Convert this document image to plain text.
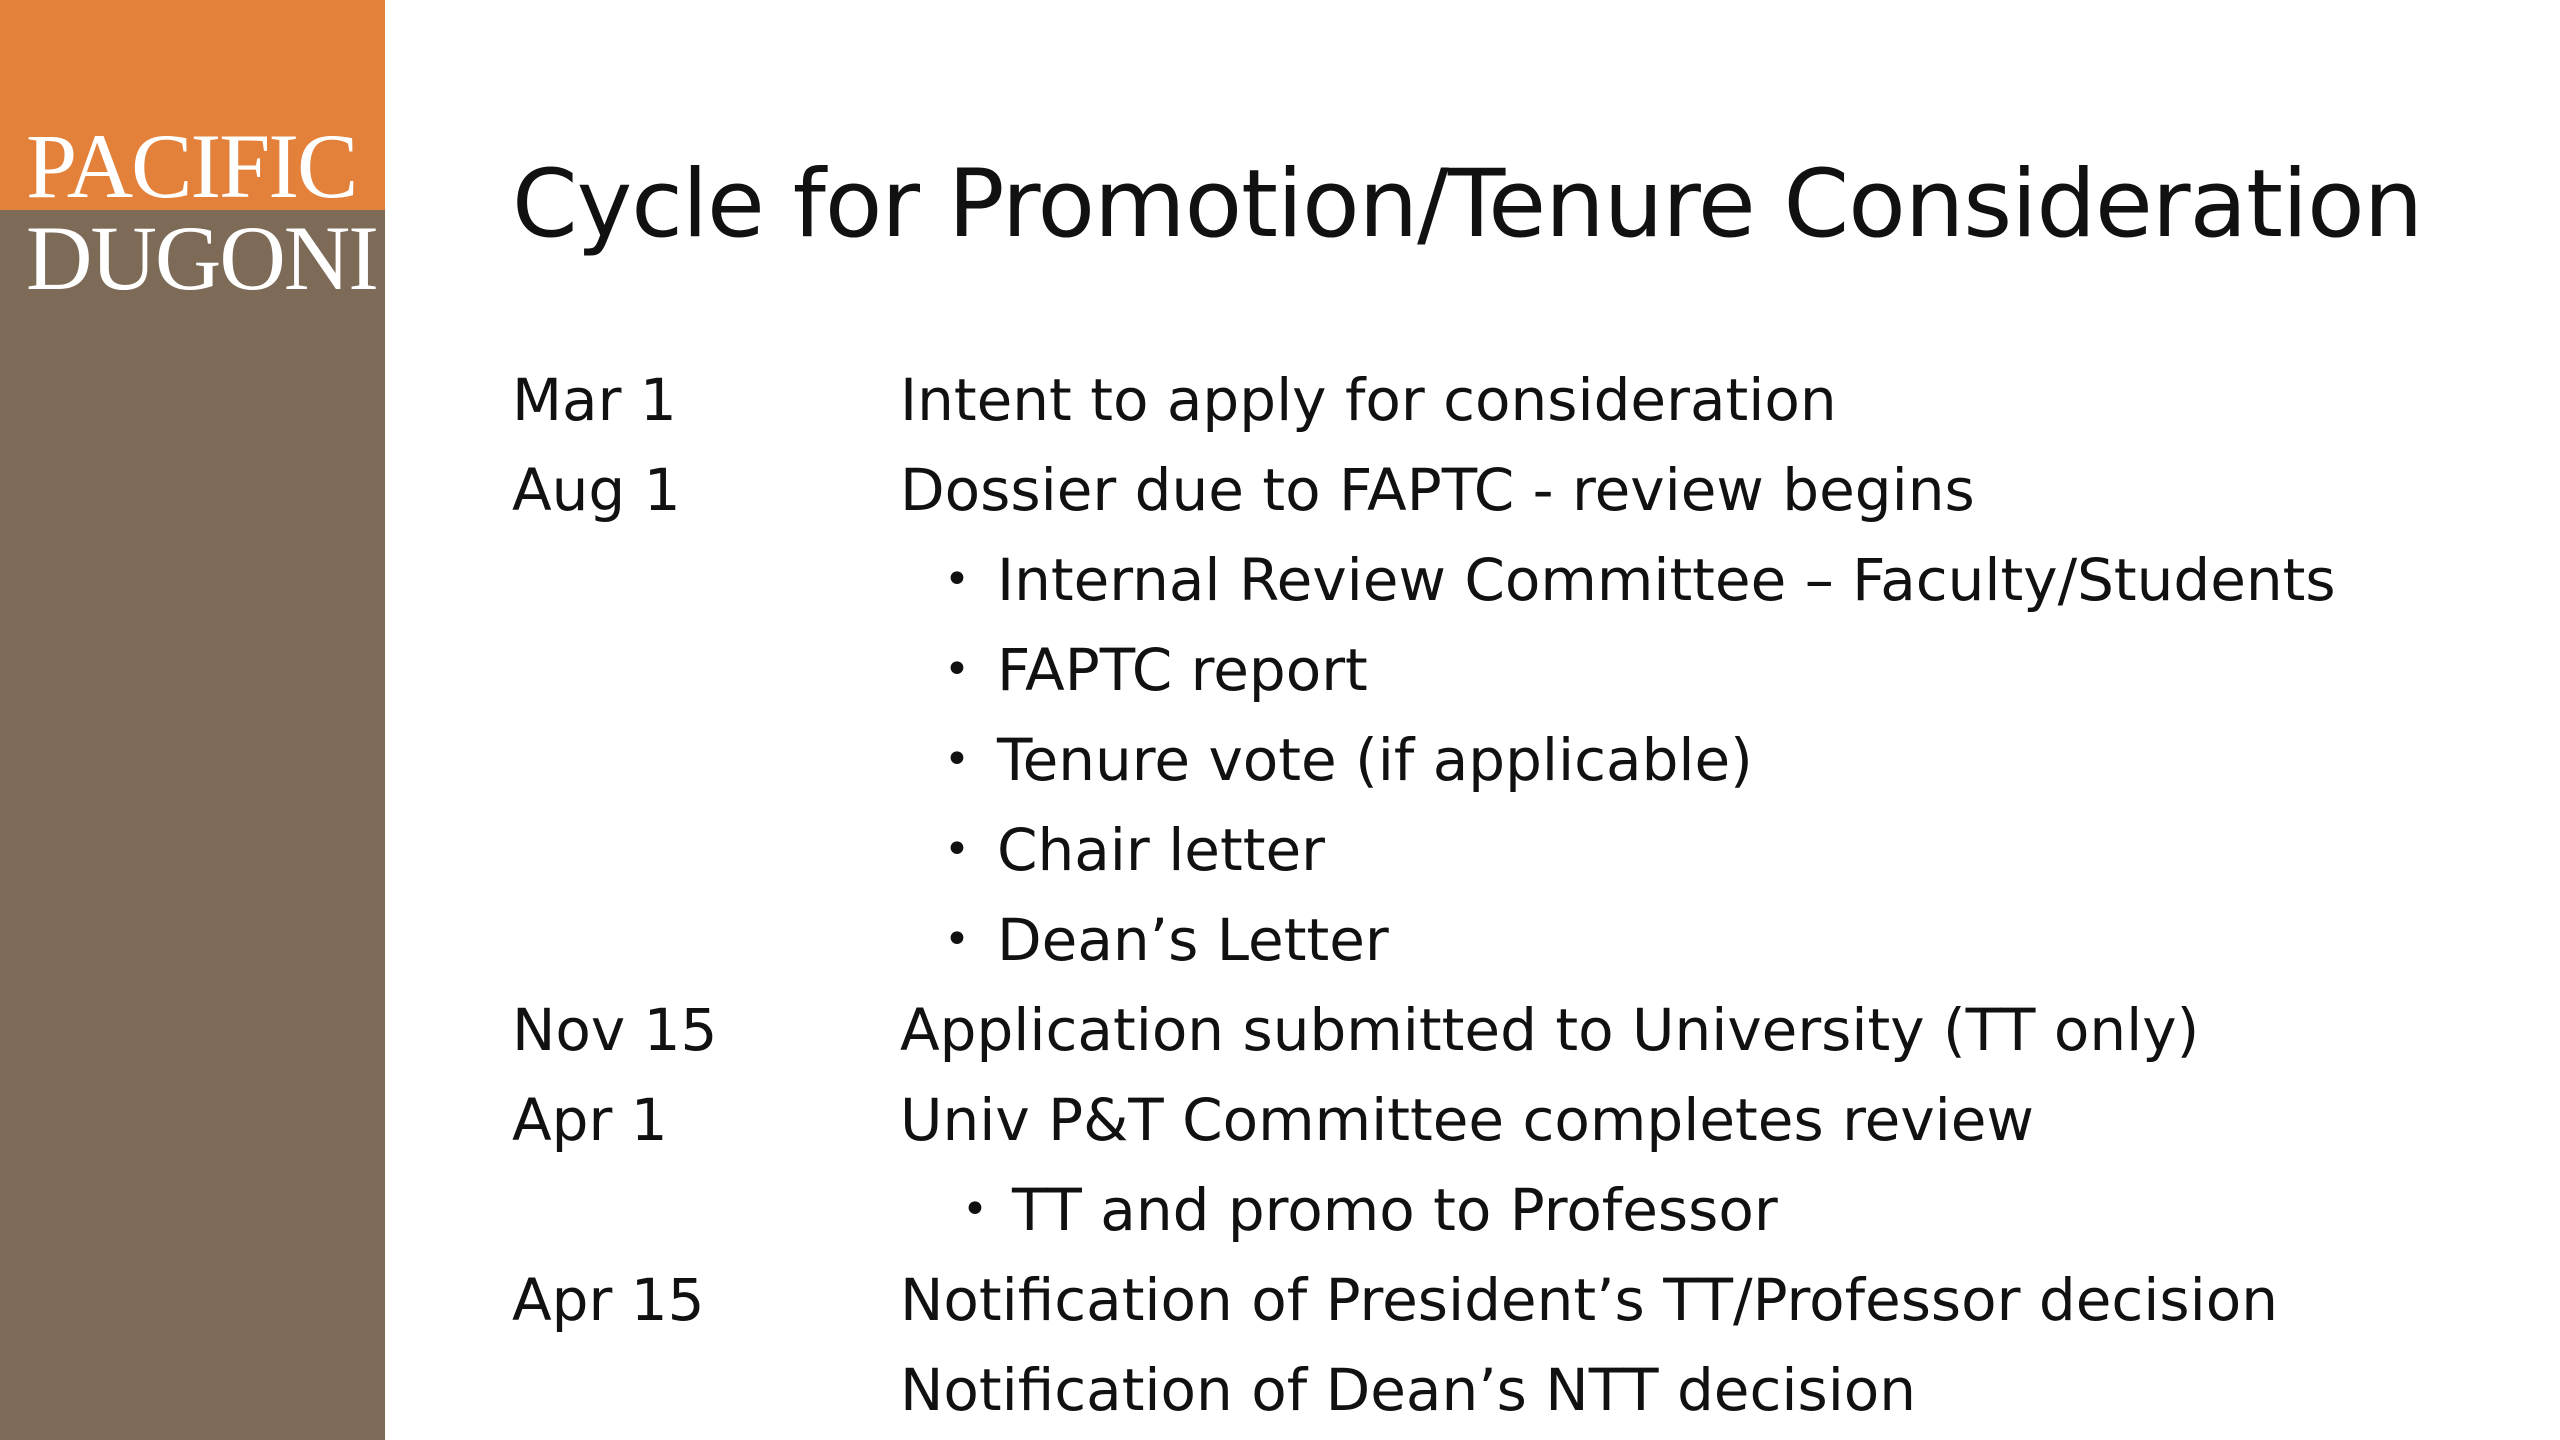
PACIFIC
DUGONI Cycle for Promotion/Tenure Consideration
Mar 1	Intent to apply for consideration
Aug 1	Dossier due to FAPTC - review begins
• Internal Review Committee – Faculty/Students
• FAPTC report
• Tenure vote (if applicable)
• Chair letter
• Dean’s Letter
Nov 15	Application submitted to University (TT only)
Apr 1	Univ P&T Committee completes review
• TT and promo to Professor
Apr 15	Notification of President’s TT/Professor decision
Notification of Dean’s NTT decision
